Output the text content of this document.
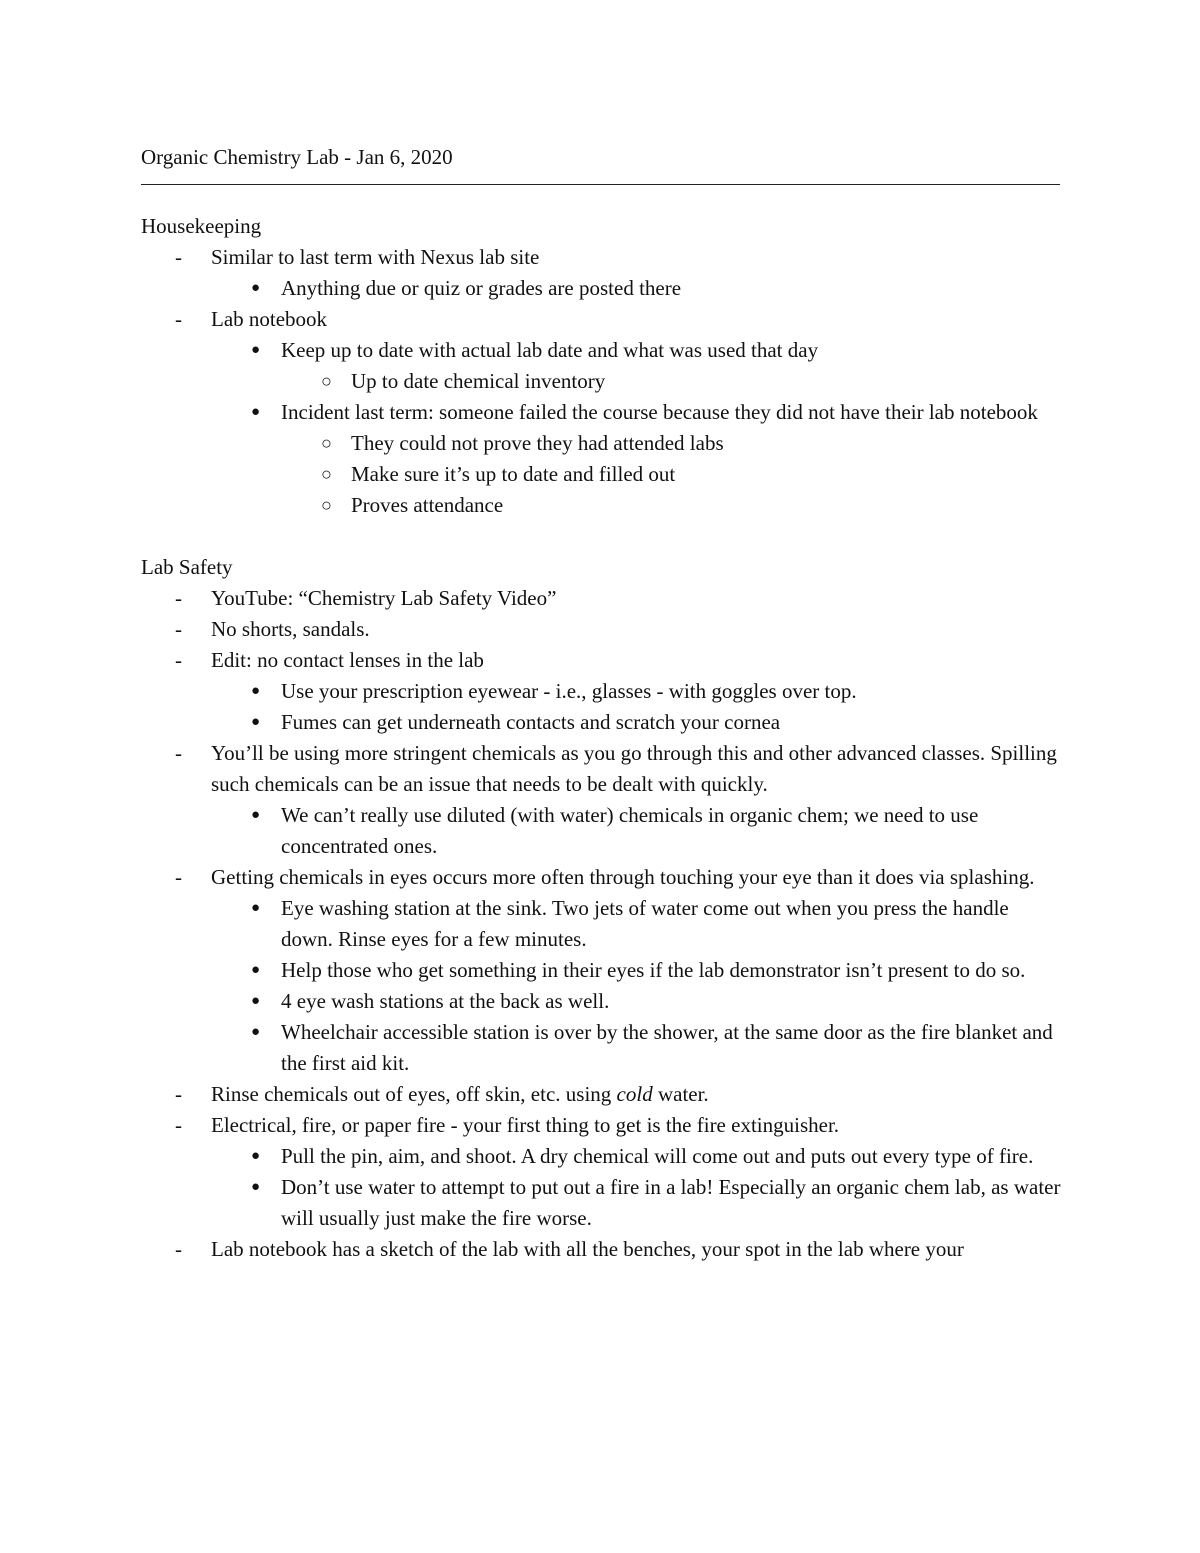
Organic Chemistry Lab - Jan 6, 2020

Housekeeping

-	Similar to last term with Nexus lab site
● Anything due or quiz or grades are posted there
-	Lab notebook
● Keep up to date with actual lab date and what was used that day
○ Up to date chemical inventory
● Incident last term: someone failed the course because they did not have their lab notebook
○ They could not prove they had attended labs
○ Make sure it’s up to date and filled out
○ Proves attendance

Lab Safety

-	YouTube: “Chemistry Lab Safety Video”
-	No shorts, sandals.
-	Edit: no contact lenses in the lab
● Use your prescription eyewear - i.e., glasses - with goggles over top.
● Fumes can get underneath contacts and scratch your cornea
-	You’ll be using more stringent chemicals as you go through this and other advanced classes. Spilling such chemicals can be an issue that needs to be dealt with quickly.
● We can’t really use diluted (with water) chemicals in organic chem; we need to use concentrated ones.
-	Getting chemicals in eyes occurs more often through touching your eye than it does via splashing.
● Eye washing station at the sink. Two jets of water come out when you press the handle down. Rinse eyes for a few minutes.
● Help those who get something in their eyes if the lab demonstrator isn’t present to do so.
● 4 eye wash stations at the back as well.
● Wheelchair accessible station is over by the shower, at the same door as the fire blanket and the first aid kit.
-	Rinse chemicals out of eyes, off skin, etc. using cold water.
-	Electrical, fire, or paper fire - your first thing to get is the fire extinguisher.
● Pull the pin, aim, and shoot. A dry chemical will come out and puts out every type of fire.
● Don’t use water to attempt to put out a fire in a lab! Especially an organic chem lab, as water will usually just make the fire worse.
-	Lab notebook has a sketch of the lab with all the benches, your spot in the lab where your
